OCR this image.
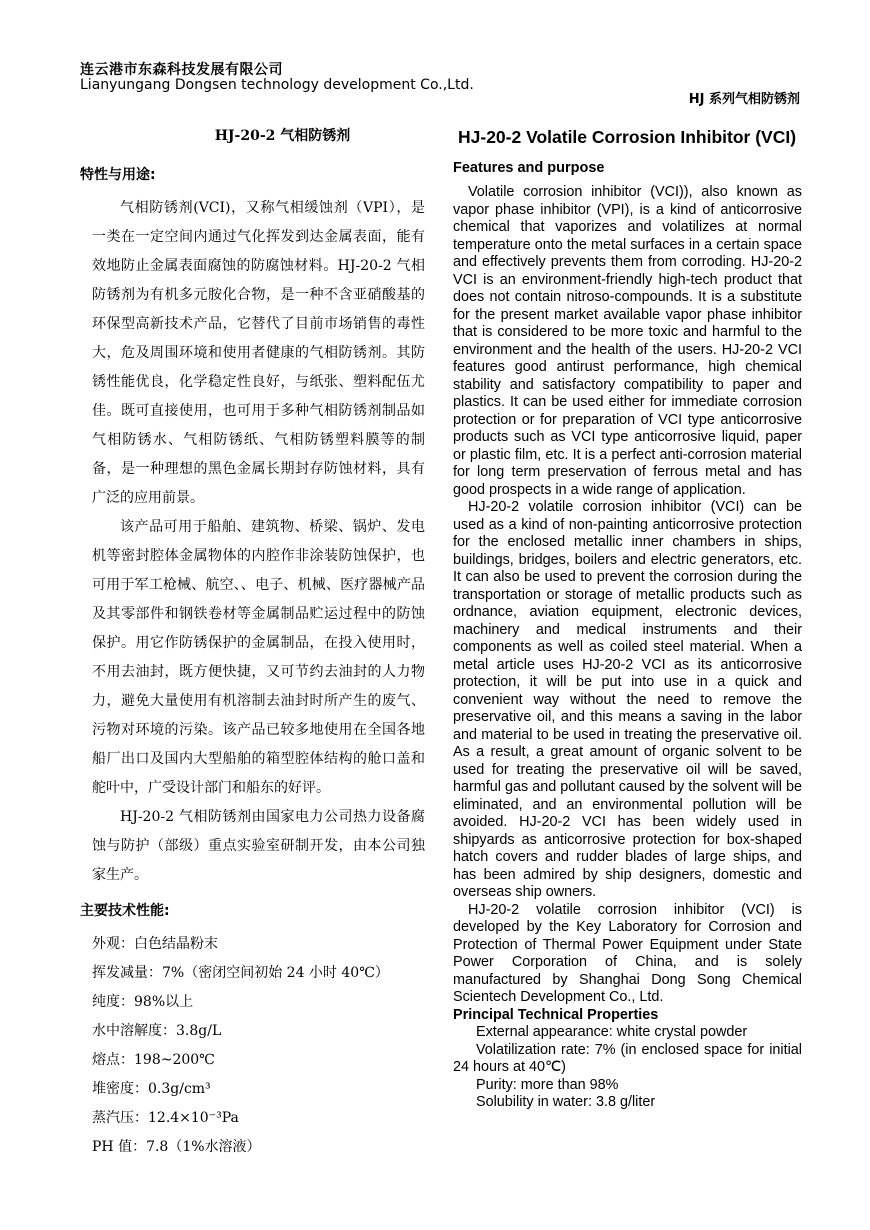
连云港市东森科技发展有限公司
Lianyungang Dongsen technology development Co.,Ltd.
HJ 系列气相防锈剂
HJ-20-2 气相防锈剂
特性与用途:

气相防锈剂(VCI)，又称气相缓蚀剂（VPI），是一类在一定空间内通过气化挥发到达金属表面，能有效地防止金属表面腐蚀的防腐蚀材料。HJ-20-2 气相防锈剂为有机多元胺化合物，是一种不含亚硝酸基的环保型高新技术产品，它替代了目前市场销售的毒性大，危及周围环境和使用者健康的气相防锈剂。其防锈性能优良，化学稳定性良好，与纸张、塑料配伍尤佳。既可直接使用，也可用于多种气相防锈剂制品如气相防锈水、气相防锈纸、气相防锈塑料膜等的制备，是一种理想的黑色金属长期封存防蚀材料，具有广泛的应用前景。

该产品可用于船舶、建筑物、桥梁、锅炉、发电机等密封腔体金属物体的内腔作非涂装防蚀保护，也可用于军工枪械、航空、、电子、机械、医疗器械产品及其零部件和钢铁卷材等金属制品贮运过程中的防蚀保护。用它作防锈保护的金属制品，在投入使用时，不用去油封，既方便快捷，又可节约去油封的人力物力，避免大量使用有机溶制去油封时所产生的废气、污物对环境的污染。该产品已较多地使用在全国各地船厂出口及国内大型船舶的箱型腔体结构的舱口盖和舵叶中，广受设计部门和船东的好评。

HJ-20-2 气相防锈剂由国家电力公司热力设备腐蚀与防护（部级）重点实验室研制开发，由本公司独家生产。

主要技术性能:
外观：白色结晶粉末
挥发减量：7%（密闭空间初始 24 小时 40℃）
纯度：98%以上
水中溶解度：3.8g/L
熔点：198~200℃
堆密度：0.3g/cm³
蒸汽压：12.4×10⁻³Pa
PH 值：7.8（1%水溶液）
HJ-20-2 Volatile Corrosion Inhibitor (VCI)
Features and purpose

Volatile corrosion inhibitor (VCI)), also known as vapor phase inhibitor (VPI), is a kind of anticorrosive chemical that vaporizes and volatilizes at normal temperature onto the metal surfaces in a certain space and effectively prevents them from corroding. HJ-20-2 VCI is an environment-friendly high-tech product that does not contain nitroso-compounds. It is a substitute for the present market available vapor phase inhibitor that is considered to be more toxic and harmful to the environment and the health of the users. HJ-20-2 VCI features good antirust performance, high chemical stability and satisfactory compatibility to paper and plastics. It can be used either for immediate corrosion protection or for preparation of VCI type anticorrosive products such as VCI type anticorrosive liquid, paper or plastic film, etc. It is a perfect anti-corrosion material for long term preservation of ferrous metal and has good prospects in a wide range of application.

HJ-20-2 volatile corrosion inhibitor (VCI) can be used as a kind of non-painting anticorrosive protection for the enclosed metallic inner chambers in ships, buildings, bridges, boilers and electric generators, etc. It can also be used to prevent the corrosion during the transportation or storage of metallic products such as ordnance, aviation equipment, electronic devices, machinery and medical instruments and their components as well as coiled steel material. When a metal article uses HJ-20-2 VCI as its anticorrosive protection, it will be put into use in a quick and convenient way without the need to remove the preservative oil, and this means a saving in the labor and material to be used in treating the preservative oil. As a result, a great amount of organic solvent to be used for treating the preservative oil will be saved, harmful gas and pollutant caused by the solvent will be eliminated, and an environmental pollution will be avoided. HJ-20-2 VCI has been widely used in shipyards as anticorrosive protection for box-shaped hatch covers and rudder blades of large ships, and has been admired by ship designers, domestic and overseas ship owners.

HJ-20-2 volatile corrosion inhibitor (VCI) is developed by the Key Laboratory for Corrosion and Protection of Thermal Power Equipment under State Power Corporation of China, and is solely manufactured by Shanghai Dong Song Chemical Scientech Development Co., Ltd.

Principal Technical Properties

External appearance: white crystal powder
Volatilization rate: 7% (in enclosed space for initial 24 hours at 40℃)
Purity: more than 98%
Solubility in water: 3.8 g/liter
